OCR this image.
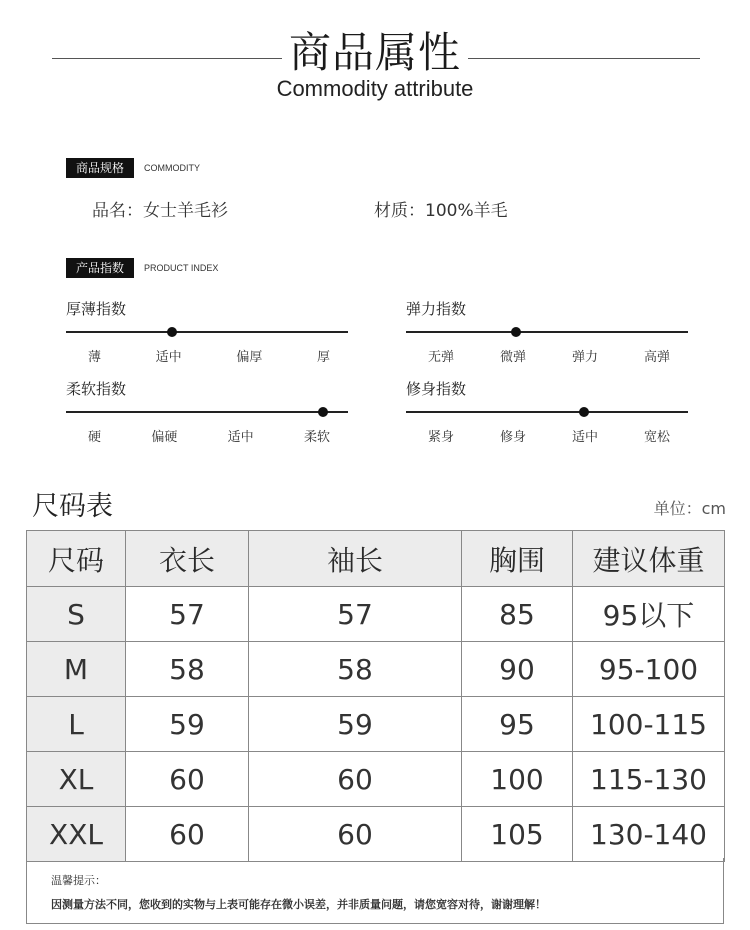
商品属性
Commodity attribute
商品规格	COMMODITY
品名：女士羊毛衫	材质：100%羊毛
产品指数	PRODUCT INDEX
厚薄指数
薄	适中	偏厚	厚
弹力指数
无弹	微弹	弹力	高弹
柔软指数
硬	偏硬	适中	柔软
修身指数
紧身	修身	适中	宽松
尺码表	单位：cm
尺码	衣长	袖长	胸围	建议体重
S	57	57	85	95以下
M	58	58	90	95-100
L	59	59	95	100-115
XL	60	60	100	115-130
XXL	60	60	105	130-140
温馨提示：
因测量方法不同，您收到的实物与上表可能存在微小误差，并非质量问题，请您宽容对待，谢谢理解！
